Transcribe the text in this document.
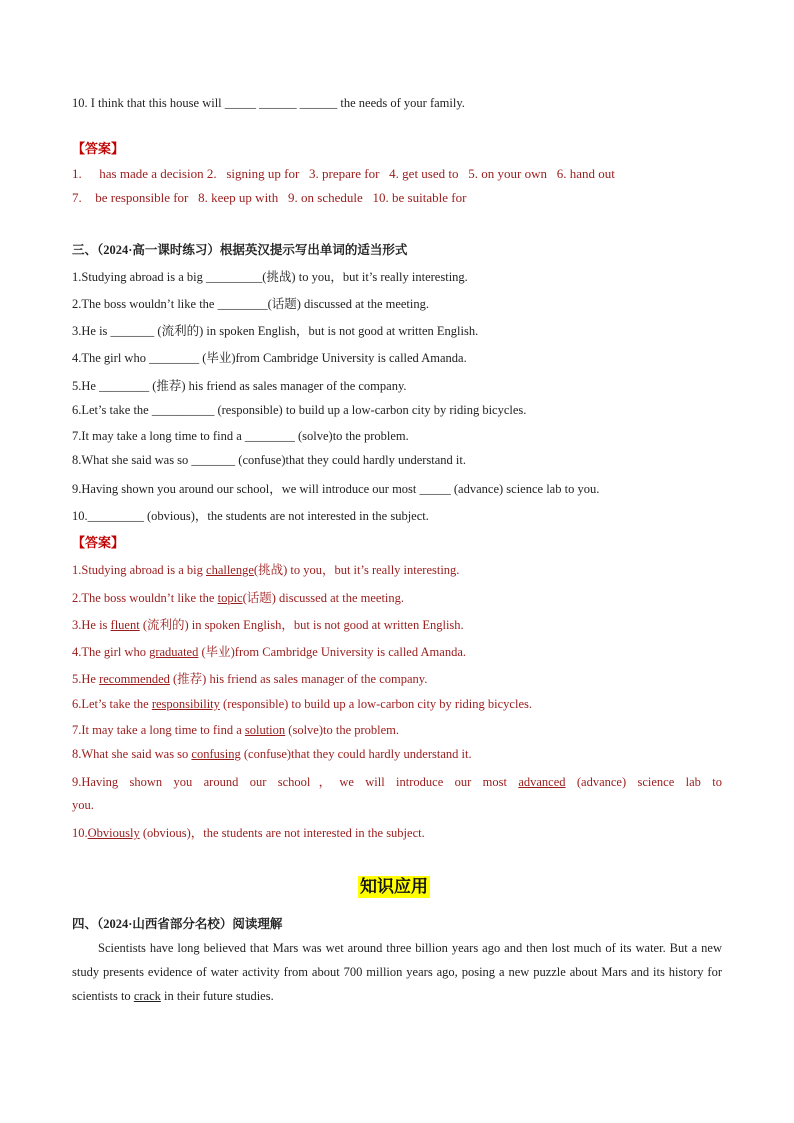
10. I think that this house will _____ ______ ______ the needs of your family.
【答案】
1. has made a decision 2. signing up for 3. prepare for 4. get used to 5. on your own 6. hand out
7. be responsible for 8. keep up with 9. on schedule 10. be suitable for
三、（2024·高一课时练习）根据英汉提示写出单词的适当形式
1.Studying abroad is a big _________(挑战) to you，but it’s really interesting.
2.The boss wouldn’t like the ________(话题) discussed at the meeting.
3.He is _______ (流利的) in spoken English，but is not good at written English.
4.The girl who ________ (毕业)from Cambridge University is called Amanda.
5.He ________ (推荐) his friend as sales manager of the company.
6.Let’s take the __________ (responsible) to build up a low-carbon city by riding bicycles.
7.It may take a long time to find a ________ (solve)to the problem.
8.What she said was so _______ (confuse)that they could hardly understand it.
9.Having shown you around our school，we will introduce our most _____ (advance) science lab to you.
10._________ (obvious)，the students are not interested in the subject.
【答案】
1.Studying abroad is a big challenge(挑战) to you，but it’s really interesting.
2.The boss wouldn’t like the topic(话题) discussed at the meeting.
3.He is fluent (流利的) in spoken English，but is not good at written English.
4.The girl who graduated (毕业)from Cambridge University is called Amanda.
5.He recommended (推荐) his friend as sales manager of the company.
6.Let’s take the responsibility (responsible) to build up a low-carbon city by riding bicycles.
7.It may take a long time to find a solution (solve)to the problem.
8.What she said was so confusing (confuse)that they could hardly understand it.
9.Having shown you around our school，we will introduce our most advanced (advance) science lab to
you.
10.Obviously (obvious)，the students are not interested in the subject.
知识应用
四、（2024·山西省部分名校）阅读理解
Scientists have long believed that Mars was wet around three billion years ago and then lost much of its water. But a new study presents evidence of water activity from about 700 million years ago, posing a new puzzle about Mars and its history for scientists to crack in their future studies.
